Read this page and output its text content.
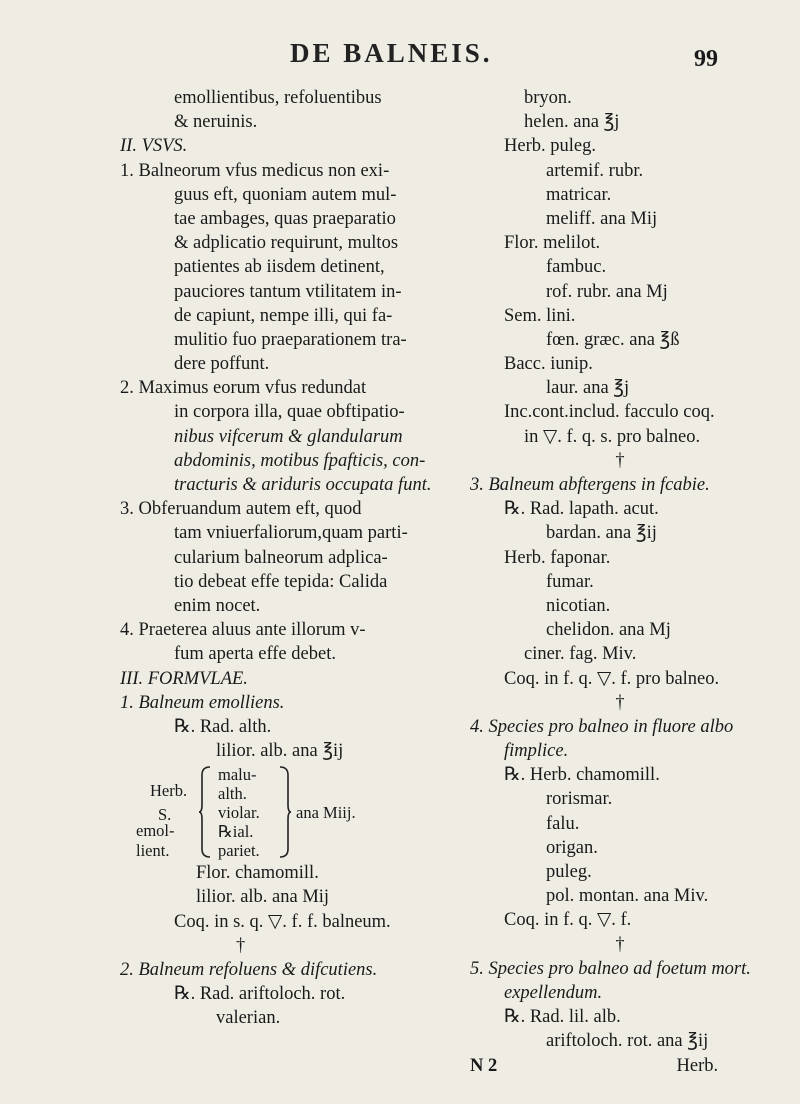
DE BALNEIS.	99
emollientibus, refoluentibus
& neruinis.
II. VSVS.
1. Balneorum vfus medicus non exi-
guus eft, quoniam autem mul-
tae ambages, quas praeparatio
& adplicatio requirunt, multos
patientes ab iisdem detinent,
pauciores tantum vtilitatem in-
de capiunt, nempe illi, qui fa-
mulitio fuo praeparationem tra-
dere poffunt.
2. Maximus eorum vfus redundat
in corpora illa, quae obftipatio-
nibus vifcerum & glandularum
abdominis, motibus fpafticis, con-
tracturis & ariduris occupata funt.
3. Obferuandum autem eft, quod
tam vniuerfaliorum,quam parti-
cularium balneorum adplica-
tio debeat effe tepida: Calida
enim nocet.
4. Praeterea aluus ante illorum v-
fum aperta effe debet.
III. FORMVLAE.
1. Balneum emolliens.
℞. Rad. alth.
lilior. alb. ana ℥ij
Herb.
S.
emol-
lient.
malu-
alth.
violar.
℞ial.
pariet.
ana Miij.
Flor. chamomill.
lilior. alb. ana Mij
Coq. in s. q. ▽. f. f. balneum.
†
2. Balneum refoluens & difcutiens.
℞. Rad. ariftoloch. rot.
valerian.
bryon.
helen. ana ℥j
Herb. puleg.
artemif. rubr.
matricar.
meliff. ana Mij
Flor. melilot.
fambuc.
rof. rubr. ana Mj
Sem. lini.
fœn. græc. ana ℥ß
Bacc. iunip.
laur. ana ℥j
Inc.cont.includ. facculo coq.
in ▽. f. q. s. pro balneo.
†
3. Balneum abftergens in fcabie.
℞. Rad. lapath. acut.
bardan. ana ℥ij
Herb. faponar.
fumar.
nicotian.
chelidon. ana Mj
ciner. fag. Miv.
Coq. in f. q. ▽. f. pro balneo.
†
4. Species pro balneo in fluore albo
fimplice.
℞. Herb. chamomill.
rorismar.
falu.
origan.
puleg.
pol. montan. ana Miv.
Coq. in f. q. ▽. f.
†
5. Species pro balneo ad foetum mort.
expellendum.
℞. Rad. lil. alb.
ariftoloch. rot. ana ℥ij
N 2	Herb.
